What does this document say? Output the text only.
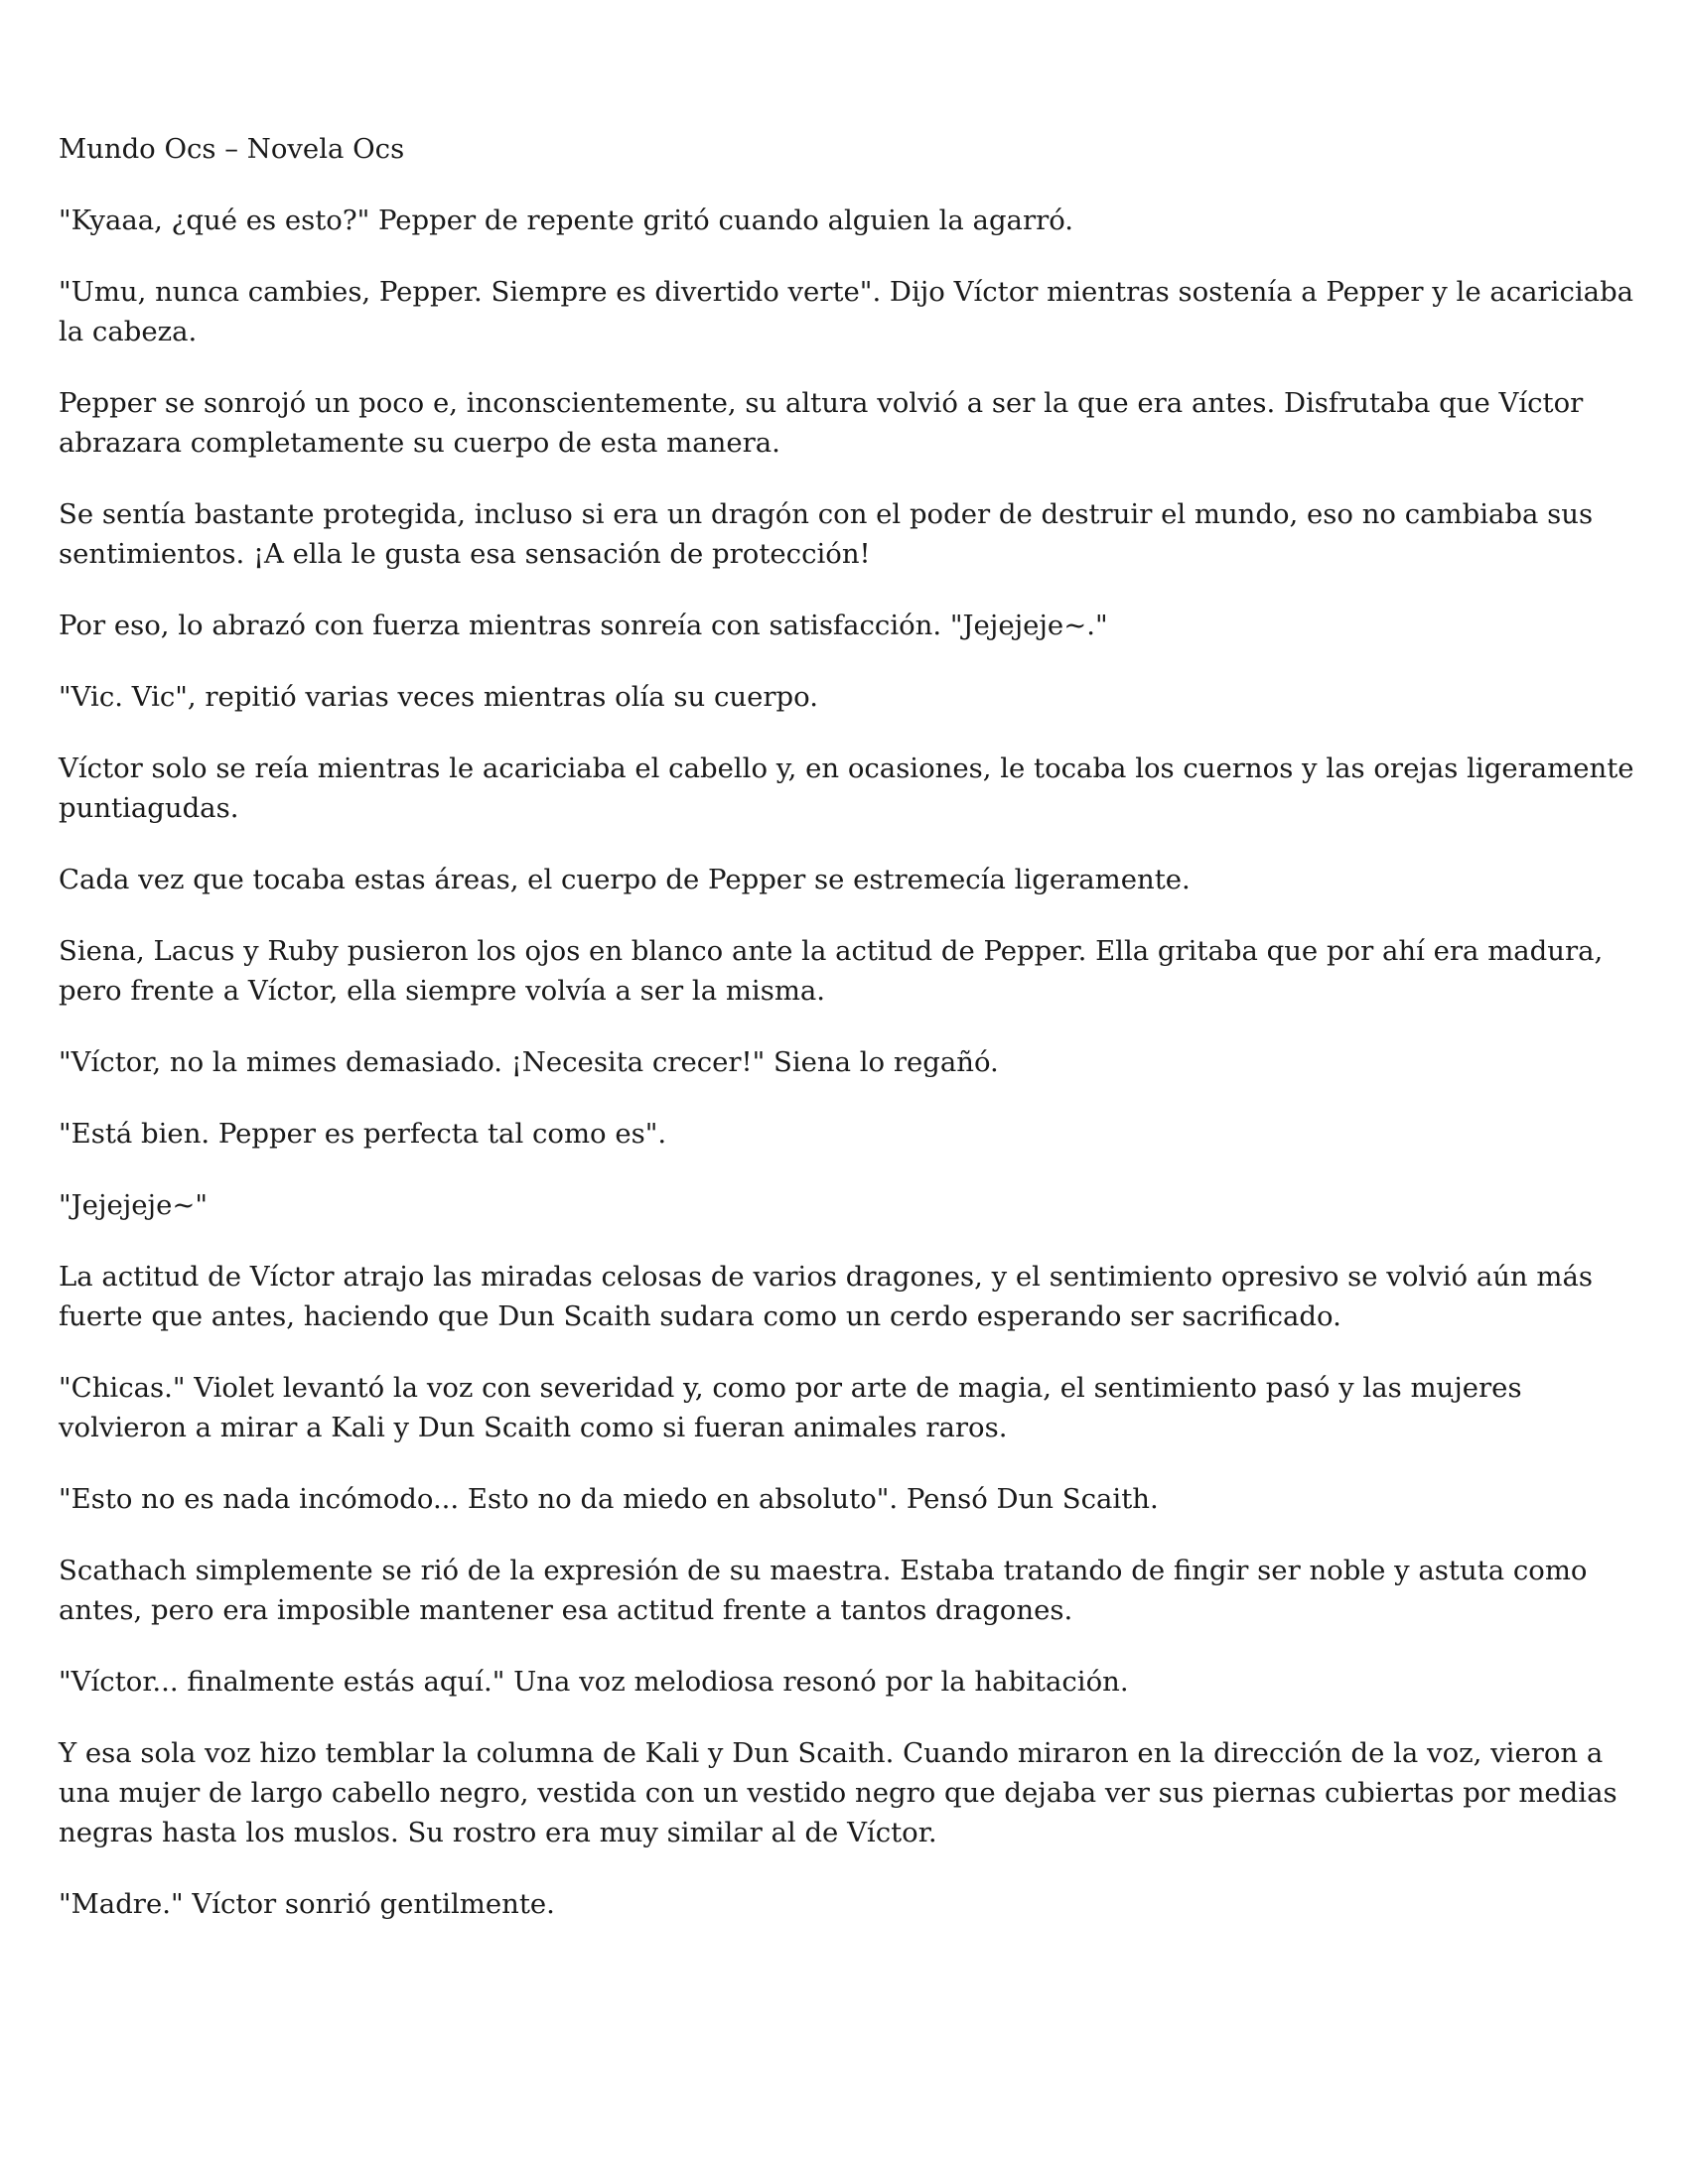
Mundo Ocs – Novela Ocs

"Kyaaa, ¿qué es esto?" Pepper de repente gritó cuando alguien la agarró.

"Umu, nunca cambies, Pepper. Siempre es divertido verte". Dijo Víctor mientras sostenía a Pepper y le acariciaba la cabeza.

Pepper se sonrojó un poco e, inconscientemente, su altura volvió a ser la que era antes. Disfrutaba que Víctor abrazara completamente su cuerpo de esta manera.

Se sentía bastante protegida, incluso si era un dragón con el poder de destruir el mundo, eso no cambiaba sus sentimientos. ¡A ella le gusta esa sensación de protección!

Por eso, lo abrazó con fuerza mientras sonreía con satisfacción. "Jejejeje~."

"Vic. Vic", repitió varias veces mientras olía su cuerpo.

Víctor solo se reía mientras le acariciaba el cabello y, en ocasiones, le tocaba los cuernos y las orejas ligeramente puntiagudas.

Cada vez que tocaba estas áreas, el cuerpo de Pepper se estremecía ligeramente.

Siena, Lacus y Ruby pusieron los ojos en blanco ante la actitud de Pepper. Ella gritaba que por ahí era madura, pero frente a Víctor, ella siempre volvía a ser la misma.

"Víctor, no la mimes demasiado. ¡Necesita crecer!" Siena lo regañó.

"Está bien. Pepper es perfecta tal como es".

"Jejejeje~"

La actitud de Víctor atrajo las miradas celosas de varios dragones, y el sentimiento opresivo se volvió aún más fuerte que antes, haciendo que Dun Scaith sudara como un cerdo esperando ser sacrificado.

"Chicas." Violet levantó la voz con severidad y, como por arte de magia, el sentimiento pasó y las mujeres volvieron a mirar a Kali y Dun Scaith como si fueran animales raros.

"Esto no es nada incómodo... Esto no da miedo en absoluto". Pensó Dun Scaith.

Scathach simplemente se rió de la expresión de su maestra. Estaba tratando de fingir ser noble y astuta como antes, pero era imposible mantener esa actitud frente a tantos dragones.

"Víctor... finalmente estás aquí." Una voz melodiosa resonó por la habitación.

Y esa sola voz hizo temblar la columna de Kali y Dun Scaith. Cuando miraron en la dirección de la voz, vieron a una mujer de largo cabello negro, vestida con un vestido negro que dejaba ver sus piernas cubiertas por medias negras hasta los muslos. Su rostro era muy similar al de Víctor.

"Madre." Víctor sonrió gentilmente.
